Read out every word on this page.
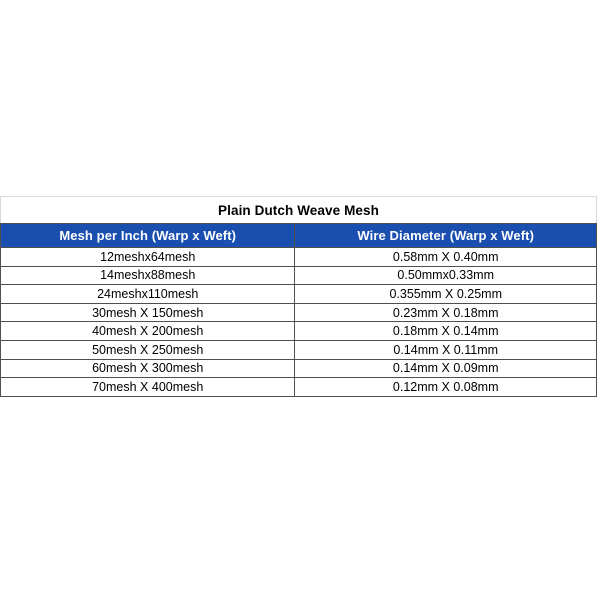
Plain Dutch Weave Mesh
Mesh per Inch (Warp x Weft)	Wire Diameter (Warp x Weft)
12meshx64mesh	0.58mm X 0.40mm
14meshx88mesh	0.50mmx0.33mm
24meshx110mesh	0.355mm X 0.25mm
30mesh X 150mesh	0.23mm X 0.18mm
40mesh X 200mesh	0.18mm X 0.14mm
50mesh X 250mesh	0.14mm X 0.11mm
60mesh X 300mesh	0.14mm X 0.09mm
70mesh X 400mesh	0.12mm X 0.08mm
